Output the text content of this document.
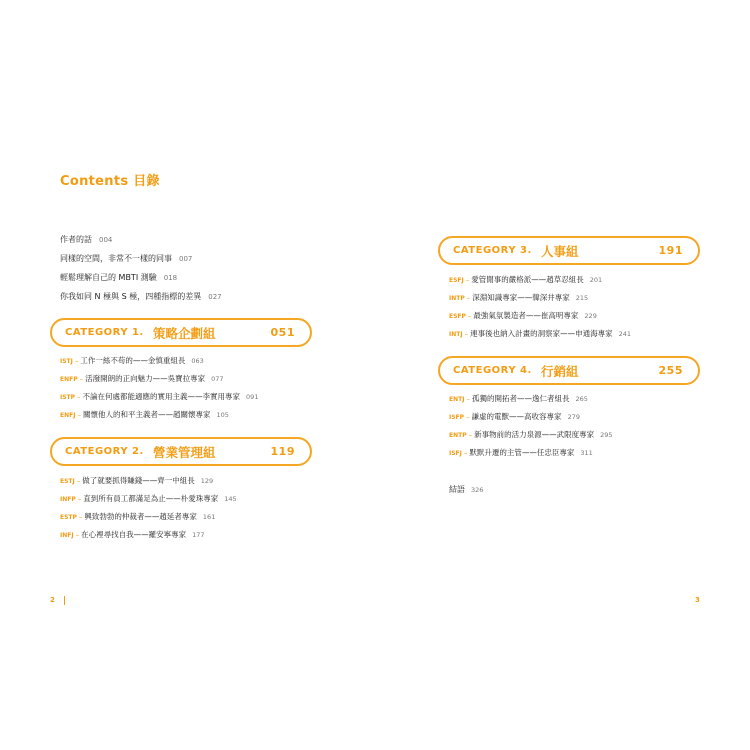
Contents 目錄
作者的話 004
同樣的空間，非常不一樣的同事 007
輕鬆理解自己的 MBTI 測驗 018
你我如同 N 極與 S 極，四種指標的差異 027
CATEGORY 1. 策略企劃組	051
ISTJ – 工作一絲不苟的——金慎重組長 063
ENFP – 活潑開朗的正向魅力——吳寶拉專家 077
ISTP – 不論在何處都能適應的實用主義——李實用專家 091
ENFJ – 關懷他人的和平主義者——趙關懷專家 105
CATEGORY 2. 營業管理組	119
ESTJ – 做了就要抓得賺錢——齊一中組長 129
INFP – 直到所有員工都滿足為止——朴愛珠專家 145
ESTP – 興致勃勃的仲裁者——趙延者專家 161
INFJ – 在心裡尋找自我——羅安寧專家 177
CATEGORY 3. 人事組	191
ESFJ – 愛管閒事的嚴格派——趙草忍組長 201
INTP – 深淵知識專家——韓深井專家 215
ESFP – 最強氣氛製造者——崔高明專家 229
INTJ – 連事後也納入計畫的洞察家——申通海專家 241
CATEGORY 4. 行銷組	255
ENTJ – 孤獨的開拓者——逸仁者組長 265
ISFP – 謙虛的電獸——高收容專家 279
ENTP – 新事物前的活力泉源——武限度專家 295
ISFJ – 默默升遷的主管——任忠臣專家 311
結語 326
2	3
